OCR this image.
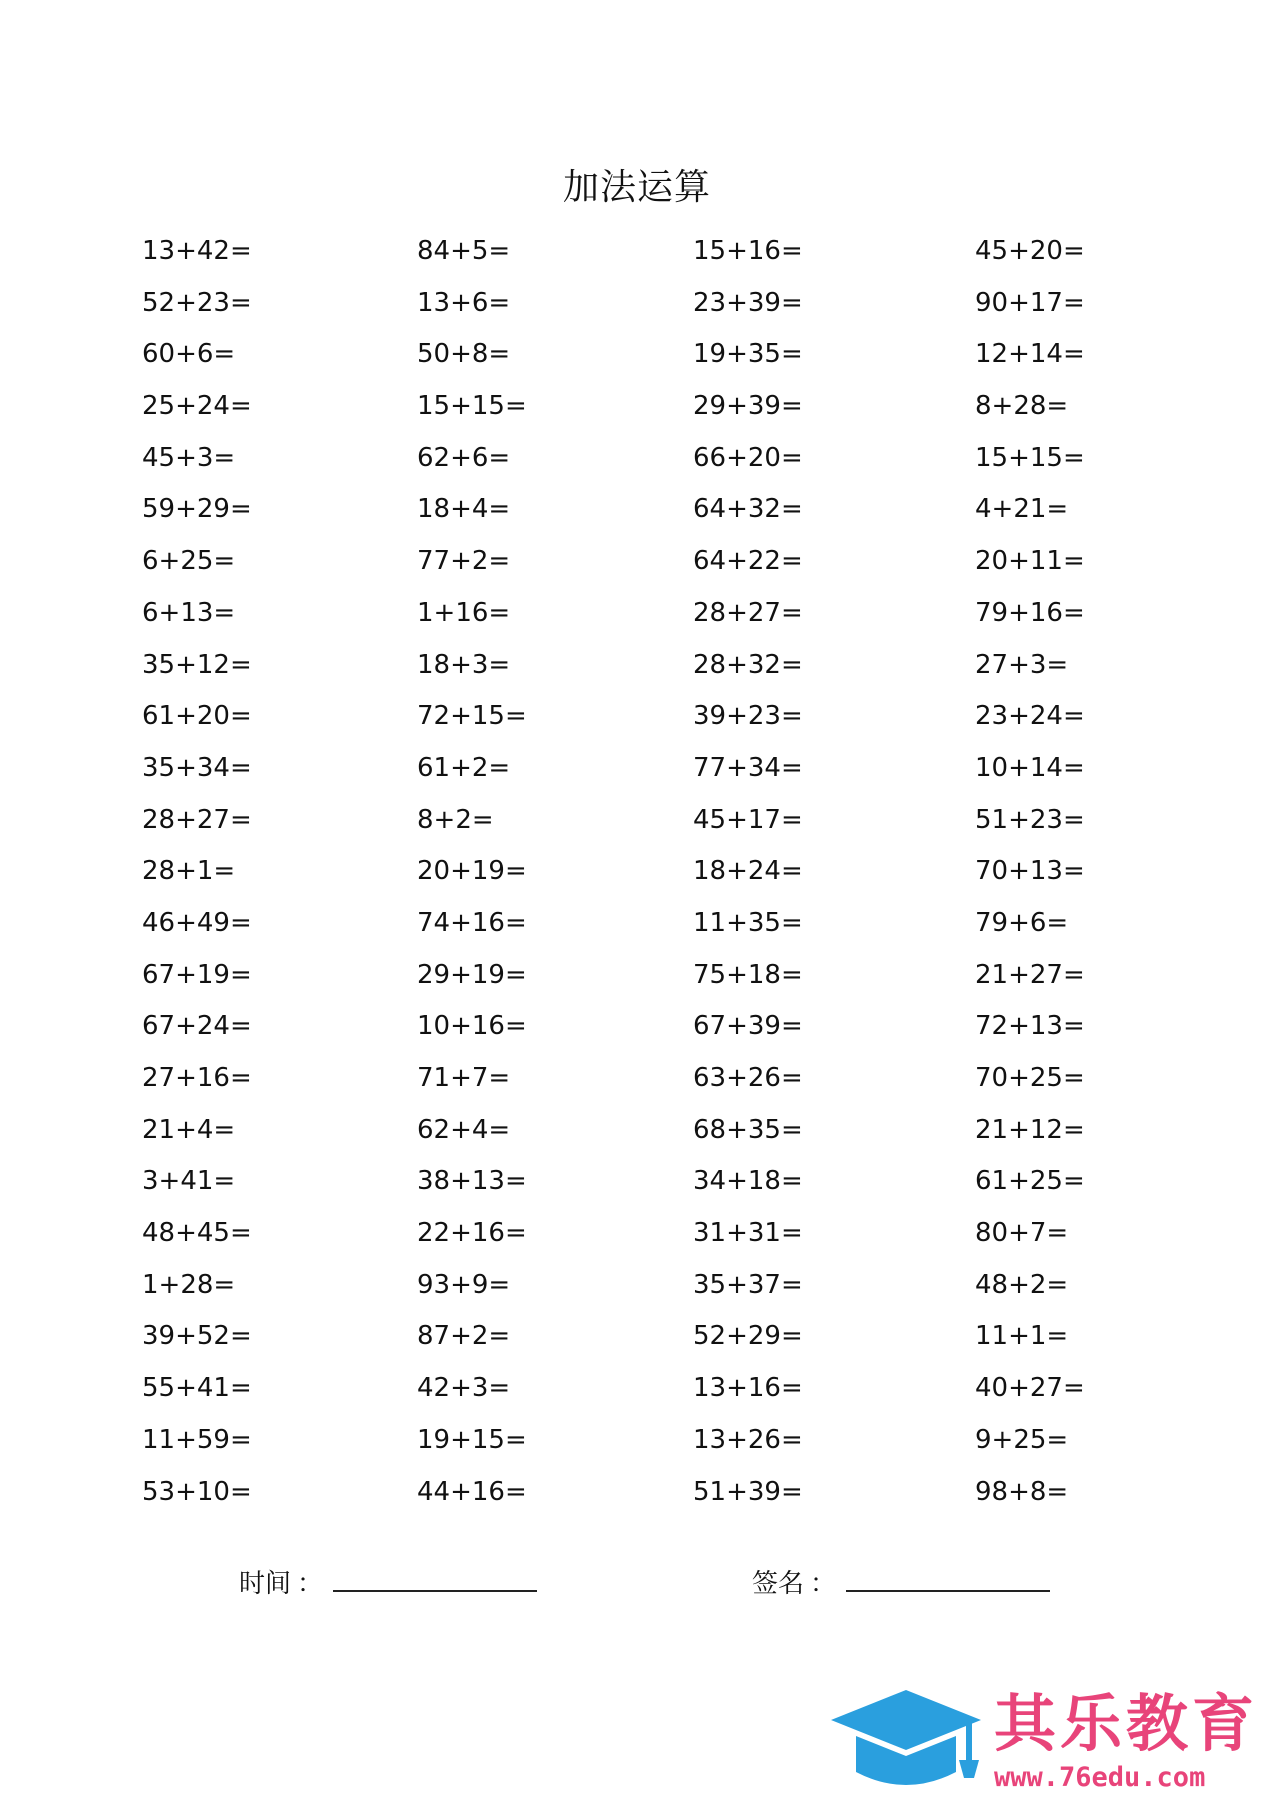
加法运算
13+42=	84+5=	15+16=	45+20=
52+23=	13+6=	23+39=	90+17=
60+6=	50+8=	19+35=	12+14=
25+24=	15+15=	29+39=	8+28=
45+3=	62+6=	66+20=	15+15=
59+29=	18+4=	64+32=	4+21=
6+25=	77+2=	64+22=	20+11=
6+13=	1+16=	28+27=	79+16=
35+12=	18+3=	28+32=	27+3=
61+20=	72+15=	39+23=	23+24=
35+34=	61+2=	77+34=	10+14=
28+27=	8+2=	45+17=	51+23=
28+1=	20+19=	18+24=	70+13=
46+49=	74+16=	11+35=	79+6=
67+19=	29+19=	75+18=	21+27=
67+24=	10+16=	67+39=	72+13=
27+16=	71+7=	63+26=	70+25=
21+4=	62+4=	68+35=	21+12=
3+41=	38+13=	34+18=	61+25=
48+45=	22+16=	31+31=	80+7=
1+28=	93+9=	35+37=	48+2=
39+52=	87+2=	52+29=	11+1=
55+41=	42+3=	13+16=	40+27=
11+59=	19+15=	13+26=	9+25=
53+10=	44+16=	51+39=	98+8=
时间 ：	签名 ：
其乐教育
www.76edu.com
